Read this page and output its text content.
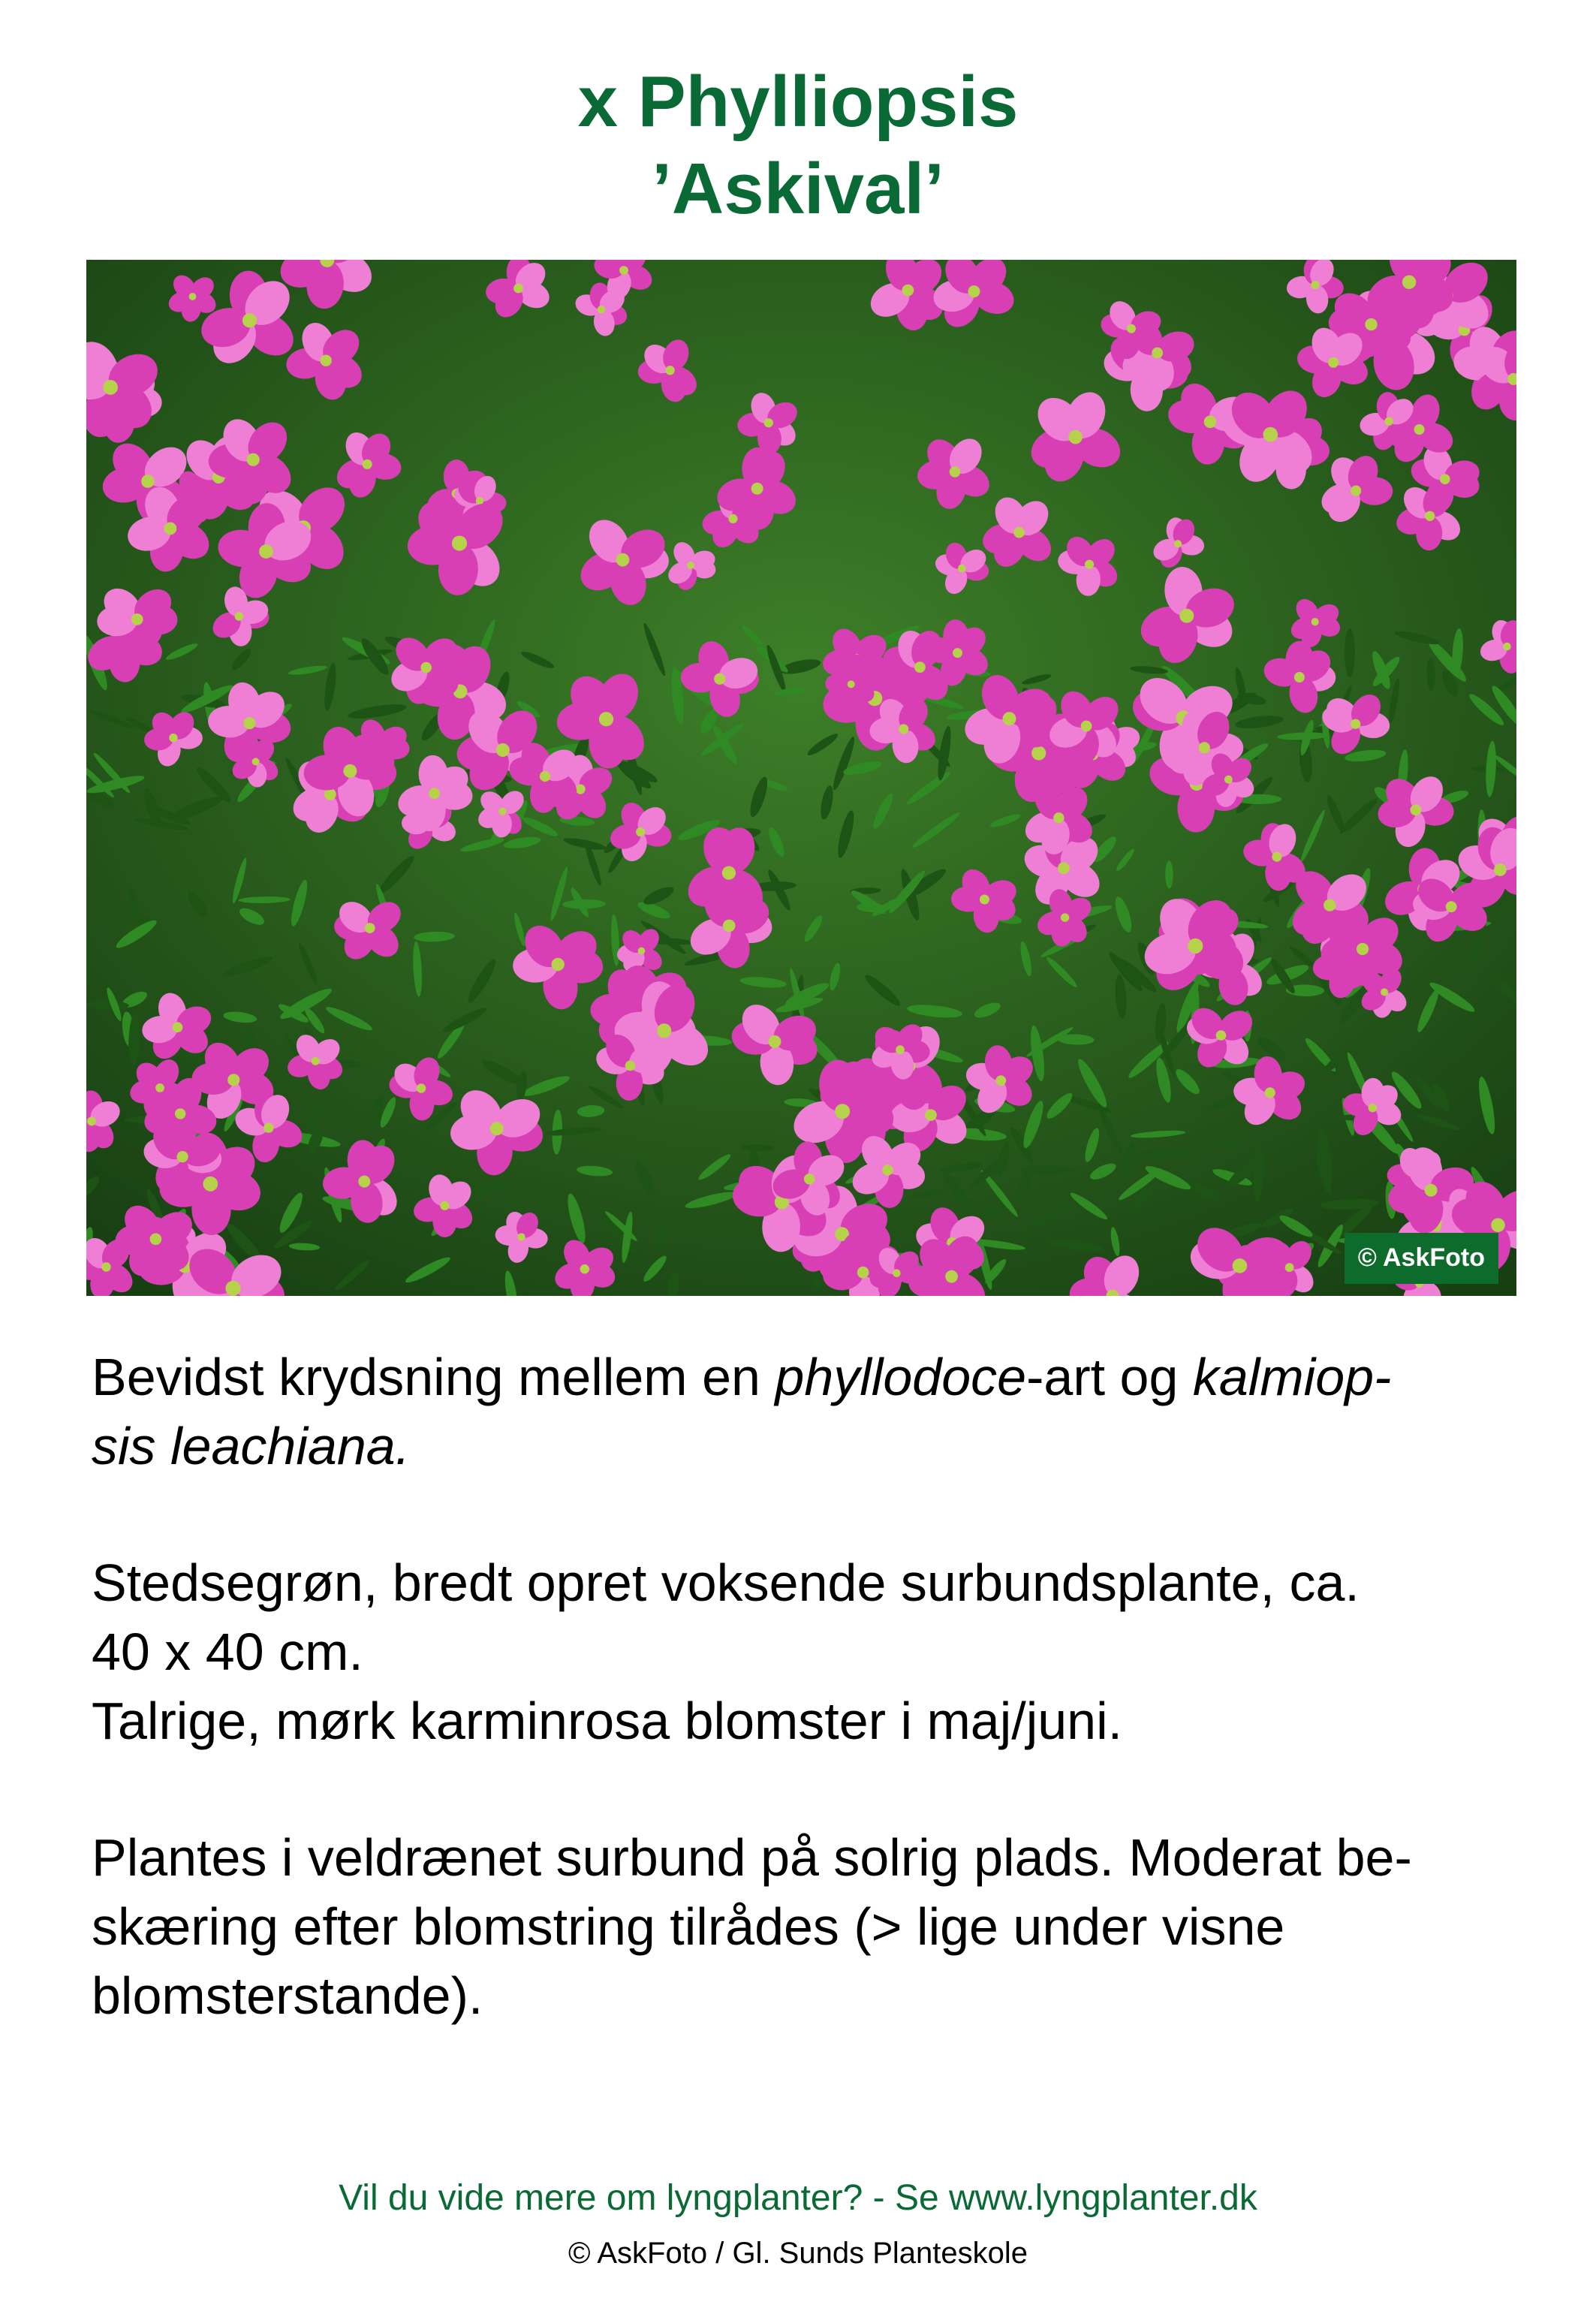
x Phylliopsis
’Askival’
© AskFoto

Bevidst krydsning mellem en phyllodoce-art og kalmiop-
sis leachiana.

Stedsegrøn, bredt opret voksende surbundsplante, ca.
40 x 40 cm.
Talrige, mørk karminrosa blomster i maj/juni.

Plantes i veldrænet surbund på solrig plads. Moderat be-
skæring efter blomstring tilrådes (> lige under visne
blomsterstande).

Vil du vide mere om lyngplanter? - Se www.lyngplanter.dk
© AskFoto / Gl. Sunds Planteskole
